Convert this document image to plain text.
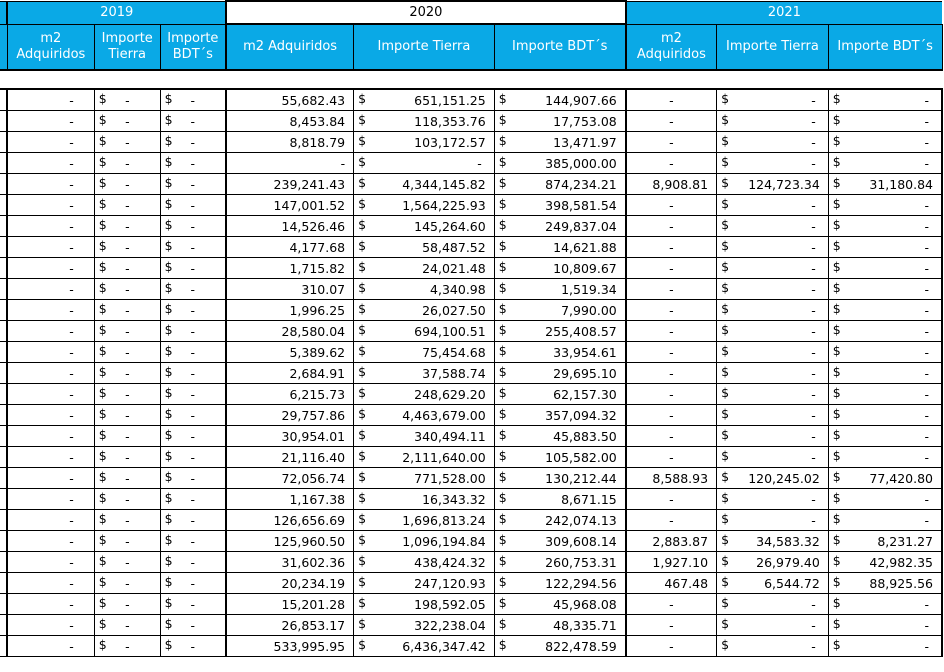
	2019			2020			2021		
	m2 Adquiridos	Importe Tierra	Importe BDT´s	m2 Adquiridos	Importe Tierra	Importe BDT´s	m2 Adquiridos	Importe Tierra	Importe BDT´s

	-	$ -	$ -	55,682.43	$ 651,151.25	$ 144,907.66	-	$ -	$ -

	-	$ -	$ -	8,453.84	$ 118,353.76	$ 17,753.08	-	$ -	$ -

	-	$ -	$ -	8,818.79	$ 103,172.57	$ 13,471.97	-	$ -	$ -

	-	$ -	$ -	-	$ -	$ 385,000.00	-	$ -	$ -

	-	$ -	$ -	239,241.43	$ 4,344,145.82	$ 874,234.21	8,908.81	$ 124,723.34	$ 31,180.84

	-	$ -	$ -	147,001.52	$ 1,564,225.93	$ 398,581.54	-	$ -	$ -

	-	$ -	$ -	14,526.46	$ 145,264.60	$ 249,837.04	-	$ -	$ -

	-	$ -	$ -	4,177.68	$ 58,487.52	$ 14,621.88	-	$ -	$ -

	-	$ -	$ -	1,715.82	$ 24,021.48	$ 10,809.67	-	$ -	$ -

	-	$ -	$ -	310.07	$ 4,340.98	$ 1,519.34	-	$ -	$ -

	-	$ -	$ -	1,996.25	$ 26,027.50	$ 7,990.00	-	$ -	$ -

	-	$ -	$ -	28,580.04	$ 694,100.51	$ 255,408.57	-	$ -	$ -

	-	$ -	$ -	5,389.62	$ 75,454.68	$ 33,954.61	-	$ -	$ -

	-	$ -	$ -	2,684.91	$ 37,588.74	$ 29,695.10	-	$ -	$ -

	-	$ -	$ -	6,215.73	$ 248,629.20	$ 62,157.30	-	$ -	$ -

	-	$ -	$ -	29,757.86	$ 4,463,679.00	$ 357,094.32	-	$ -	$ -

	-	$ -	$ -	30,954.01	$ 340,494.11	$ 45,883.50	-	$ -	$ -

	-	$ -	$ -	21,116.40	$ 2,111,640.00	$ 105,582.00	-	$ -	$ -

	-	$ -	$ -	72,056.74	$ 771,528.00	$ 130,212.44	8,588.93	$ 120,245.02	$ 77,420.80

	-	$ -	$ -	1,167.38	$ 16,343.32	$ 8,671.15	-	$ -	$ -

	-	$ -	$ -	126,656.69	$ 1,696,813.24	$ 242,074.13	-	$ -	$ -

	-	$ -	$ -	125,960.50	$ 1,096,194.84	$ 309,608.14	2,883.87	$ 34,583.32	$ 8,231.27

	-	$ -	$ -	31,602.36	$ 438,424.32	$ 260,753.31	1,927.10	$ 26,979.40	$ 42,982.35

	-	$ -	$ -	20,234.19	$ 247,120.93	$ 122,294.56	467.48	$ 6,544.72	$ 88,925.56

	-	$ -	$ -	15,201.28	$ 198,592.05	$ 45,968.08	-	$ -	$ -

	-	$ -	$ -	26,853.17	$ 322,238.04	$ 48,335.71	-	$ -	$ -

	-	$ -	$ -	533,995.95	$ 6,436,347.42	$ 822,478.59	-	$ -	$ -
